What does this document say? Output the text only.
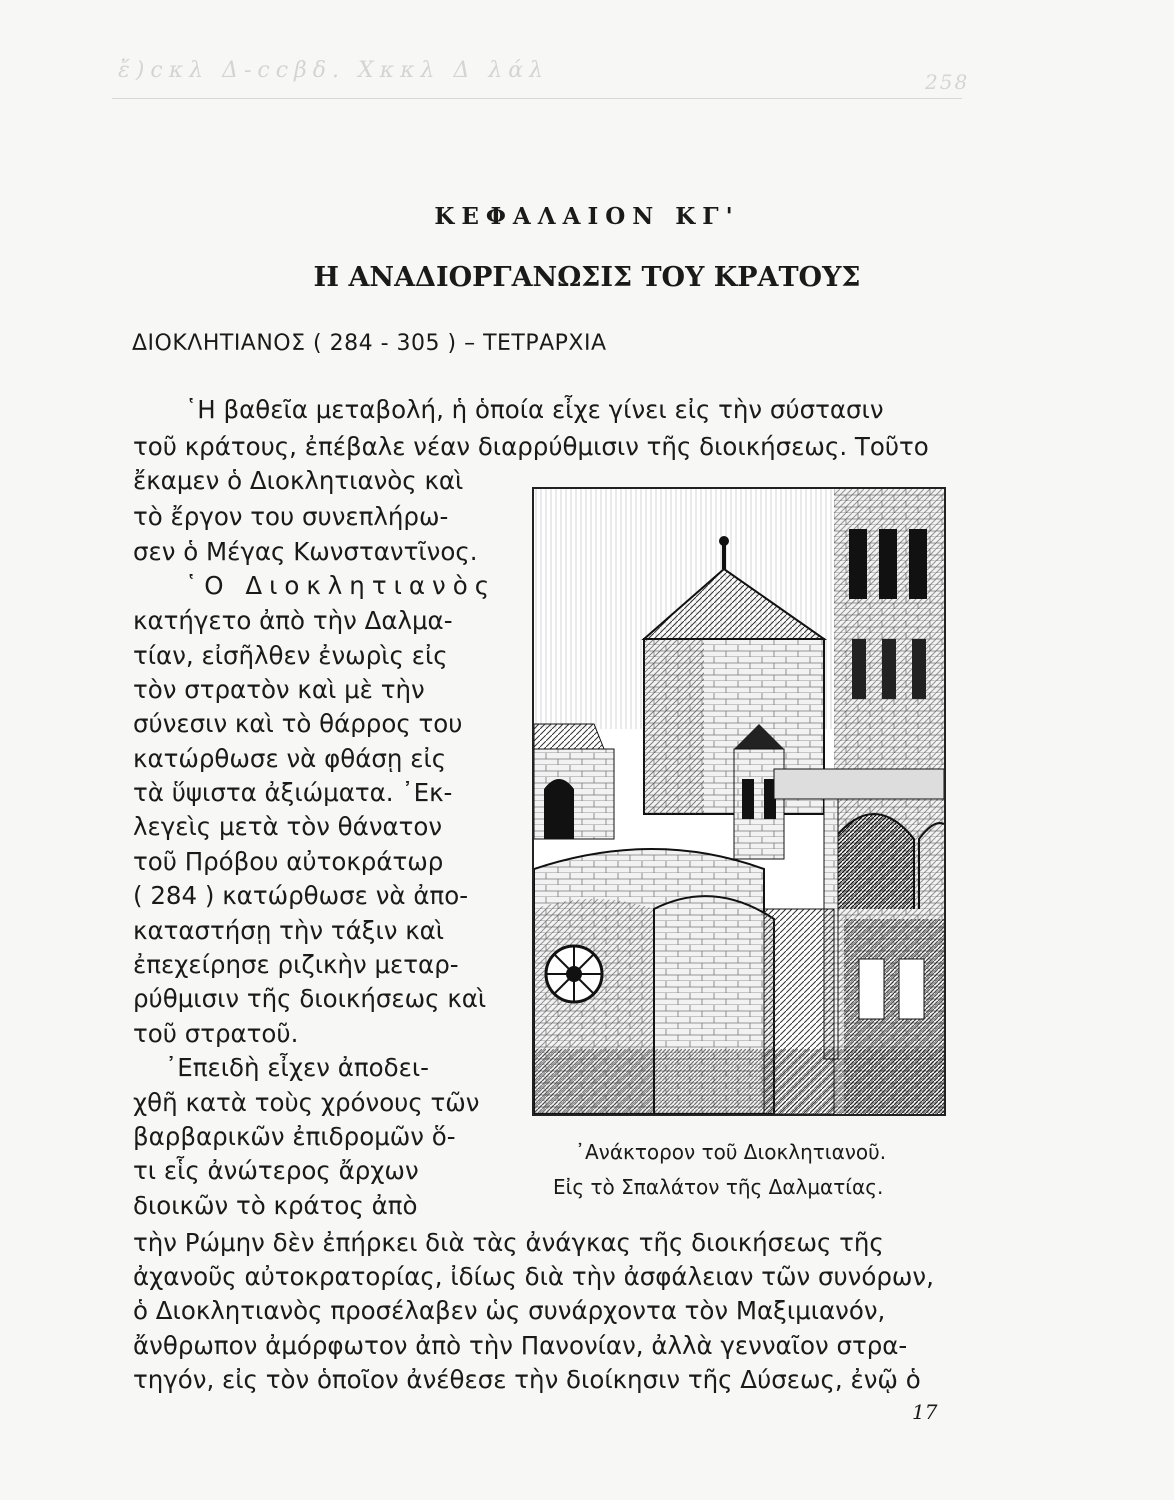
ἔ)ϲκλ Δ-ϲϲβδ. Χκκλ Δ λάλ	258
ΚΕΦΑΛΑΙΟΝ ΚΓ'
Η ΑΝΑΔΙΟΡΓΑΝΩΣΙΣ ΤΟΥ ΚΡΑΤΟΥΣ
ΔΙΟΚΛΗΤΙΑΝΟΣ ( 284 - 305 ) – ΤΕΤΡΑΡΧΙΑ
῾Η βαθεῖα μεταβολή, ἡ ὁποία εἶχε γίνει εἰς τὴν σύστασιν
τοῦ κράτους, ἐπέβαλε νέαν διαρρύθμισιν τῆς διοικήσεως. Τοῦτο
ἔκαμεν ὁ Διοκλητιανὸς καὶ
τὸ ἔργον του συνεπλήρω-
σεν ὁ Μέγας Κωνσταντῖνος.
῾Ο Διοκλητιανὸς
κατήγετο ἀπὸ τὴν Δαλμα-
τίαν, εἰσῆλθεν ἐνωρὶς εἰς
τὸν στρατὸν καὶ μὲ τὴν
σύνεσιν καὶ τὸ θάρρος του
κατώρθωσε νὰ φθάσῃ εἰς
τὰ ὕψιστα ἀξιώματα. ᾿Εκ-
λεγεὶς μετὰ τὸν θάνατον
τοῦ Πρόβου αὐτοκράτωρ
( 284 ) κατώρθωσε νὰ ἀπο-
καταστήσῃ τὴν τάξιν καὶ
ἐπεχείρησε ριζικὴν μεταρ-
ρύθμισιν τῆς διοικήσεως καὶ
τοῦ στρατοῦ.
᾿Επειδὴ εἶχεν ἀποδει-
χθῆ κατὰ τοὺς χρόνους τῶν
βαρβαρικῶν ἐπιδρομῶν ὅ-
τι εἷς ἀνώτερος ἄρχων
διοικῶν τὸ κράτος ἀπὸ
τὴν Ρώμην δὲν ἐπήρκει διὰ τὰς ἀνάγκας τῆς διοικήσεως τῆς
ἀχανοῦς αὐτοκρατορίας, ἰδίως διὰ τὴν ἀσφάλειαν τῶν συνόρων,
ὁ Διοκλητιανὸς προσέλαβεν ὡς συνάρχοντα τὸν Μαξιμιανόν,
ἄνθρωπον ἀμόρφωτον ἀπὸ τὴν Πανονίαν, ἀλλὰ γενναῖον στρα-
τηγόν, εἰς τὸν ὁποῖον ἀνέθεσε τὴν διοίκησιν τῆς Δύσεως, ἐνῷ ὁ
᾿Ανάκτορον τοῦ Διοκλητιανοῦ.
Εἰς τὸ Σπαλάτον τῆς Δαλματίας.
17
